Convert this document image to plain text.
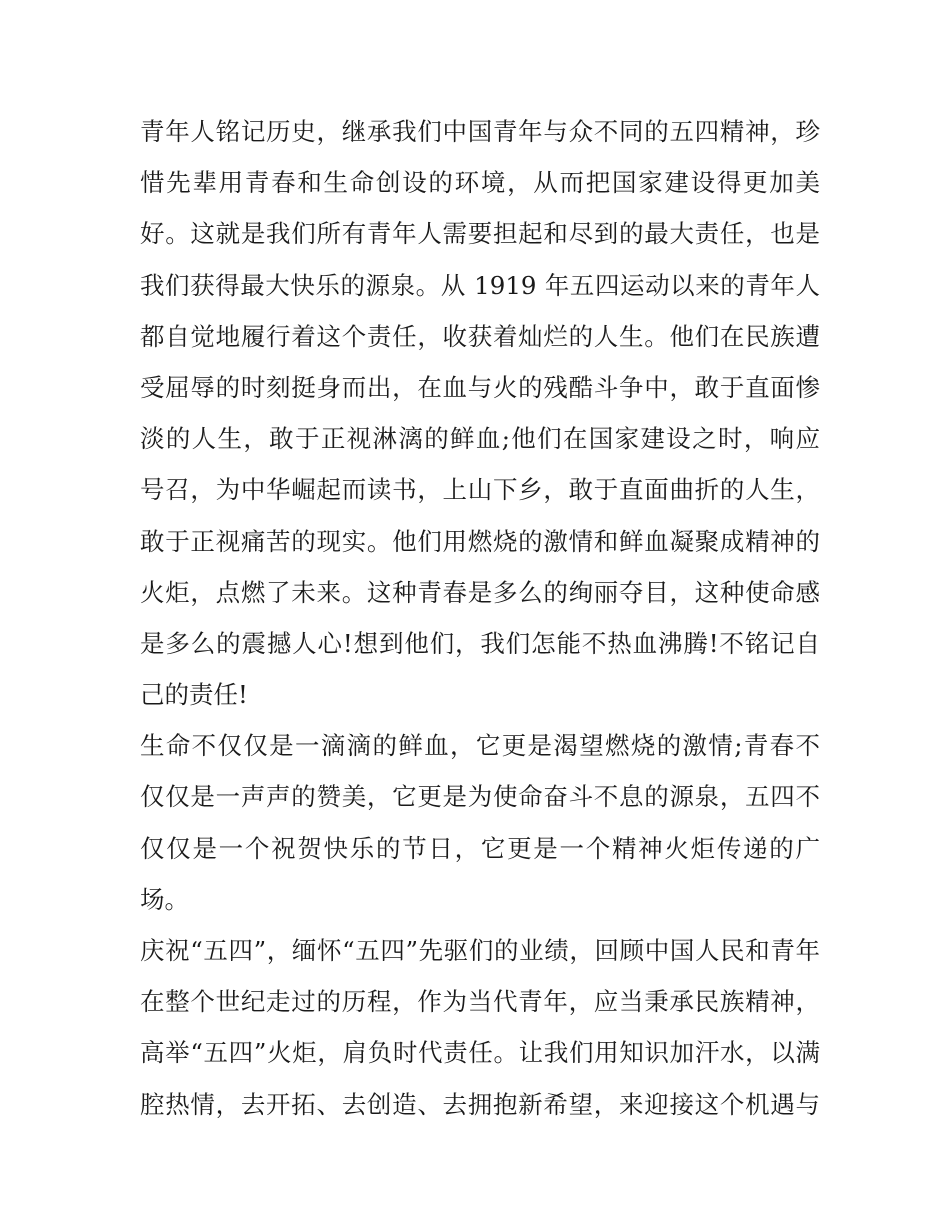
青年人铭记历史，继承我们中国青年与众不同的五四精神，珍
惜先辈用青春和生命创设的环境，从而把国家建设得更加美
好。这就是我们所有青年人需要担起和尽到的最大责任，也是
我们获得最大快乐的源泉。从 1919 年五四运动以来的青年人
都自觉地履行着这个责任，收获着灿烂的人生。他们在民族遭
受屈辱的时刻挺身而出，在血与火的残酷斗争中，敢于直面惨
淡的人生，敢于正视淋漓的鲜血;他们在国家建设之时，响应
号召，为中华崛起而读书，上山下乡，敢于直面曲折的人生，
敢于正视痛苦的现实。他们用燃烧的激情和鲜血凝聚成精神的
火炬，点燃了未来。这种青春是多么的绚丽夺目，这种使命感
是多么的震撼人心!想到他们，我们怎能不热血沸腾!不铭记自
己的责任!

生命不仅仅是一滴滴的鲜血，它更是渴望燃烧的激情;青春不
仅仅是一声声的赞美，它更是为使命奋斗不息的源泉，五四不
仅仅是一个祝贺快乐的节日，它更是一个精神火炬传递的广
场。

庆祝“五四”，缅怀“五四”先驱们的业绩，回顾中国人民和青年
在整个世纪走过的历程，作为当代青年，应当秉承民族精神，
高举“五四”火炬，肩负时代责任。让我们用知识加汗水，以满
腔热情，去开拓、去创造、去拥抱新希望，来迎接这个机遇与
